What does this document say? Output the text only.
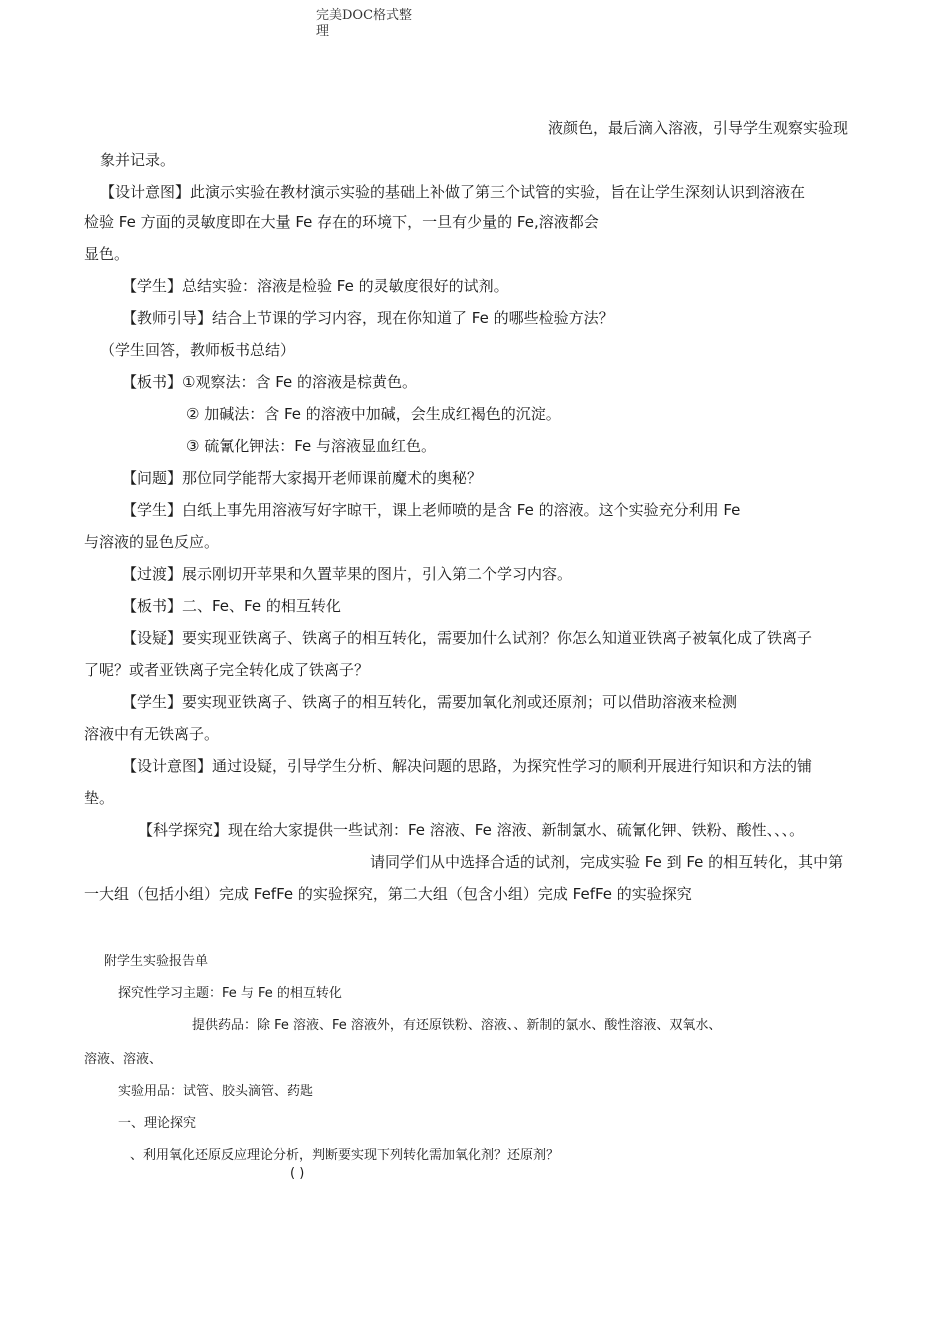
完美DOC格式整

理

液颜色，最后滴入溶液，引导学生观察实验现

象并记录。

【设计意图】此演示实验在教材演示实验的基础上补做了第三个试管的实验，旨在让学生深刻认识到溶液在

检验 Fe 方面的灵敏度即在大量 Fe 存在的环境下，一旦有少量的 Fe,溶液都会

显色。

【学生】总结实验：溶液是检验 Fe 的灵敏度很好的试剂。

【教师引导】结合上节课的学习内容，现在你知道了 Fe 的哪些检验方法？

（学生回答，教师板书总结）

【板书】①观察法：含 Fe 的溶液是棕黄色。

② 加碱法：含 Fe 的溶液中加碱，会生成红褐色的沉淀。

③ 硫氰化钾法：Fe 与溶液显血红色。

【问题】那位同学能帮大家揭开老师课前魔术的奥秘？

【学生】白纸上事先用溶液写好字晾干，课上老师喷的是含 Fe 的溶液。这个实验充分利用 Fe

与溶液的显色反应。

【过渡】展示刚切开苹果和久置苹果的图片，引入第二个学习内容。

【板书】二、Fe、Fe 的相互转化

【设疑】要实现亚铁离子、铁离子的相互转化，需要加什么试剂？你怎么知道亚铁离子被氧化成了铁离子

了呢？或者亚铁离子完全转化成了铁离子？

【学生】要实现亚铁离子、铁离子的相互转化，需要加氧化剂或还原剂；可以借助溶液来检测

溶液中有无铁离子。

【设计意图】通过设疑，引导学生分析、解决问题的思路，为探究性学习的顺利开展进行知识和方法的铺

垫。

【科学探究】现在给大家提供一些试剂：Fe 溶液、Fe 溶液、新制氯水、硫氰化钾、铁粉、酸性、、、。

请同学们从中选择合适的试剂，完成实验 Fe 到 Fe 的相互转化，其中第

一大组（包括小组）完成 FefFe 的实验探究，第二大组（包含小组）完成 FefFe 的实验探究

附学生实验报告单

探究性学习主题：Fe 与 Fe 的相互转化

提供药品：除 Fe 溶液、Fe 溶液外，有还原铁粉、溶液、、新制的氯水、酸性溶液、双氧水、

溶液、溶液、

实验用品：试管、胶头滴管、药匙

一、理论探究

、利用氧化还原反应理论分析，判断要实现下列转化需加氧化剂？还原剂？

( )
